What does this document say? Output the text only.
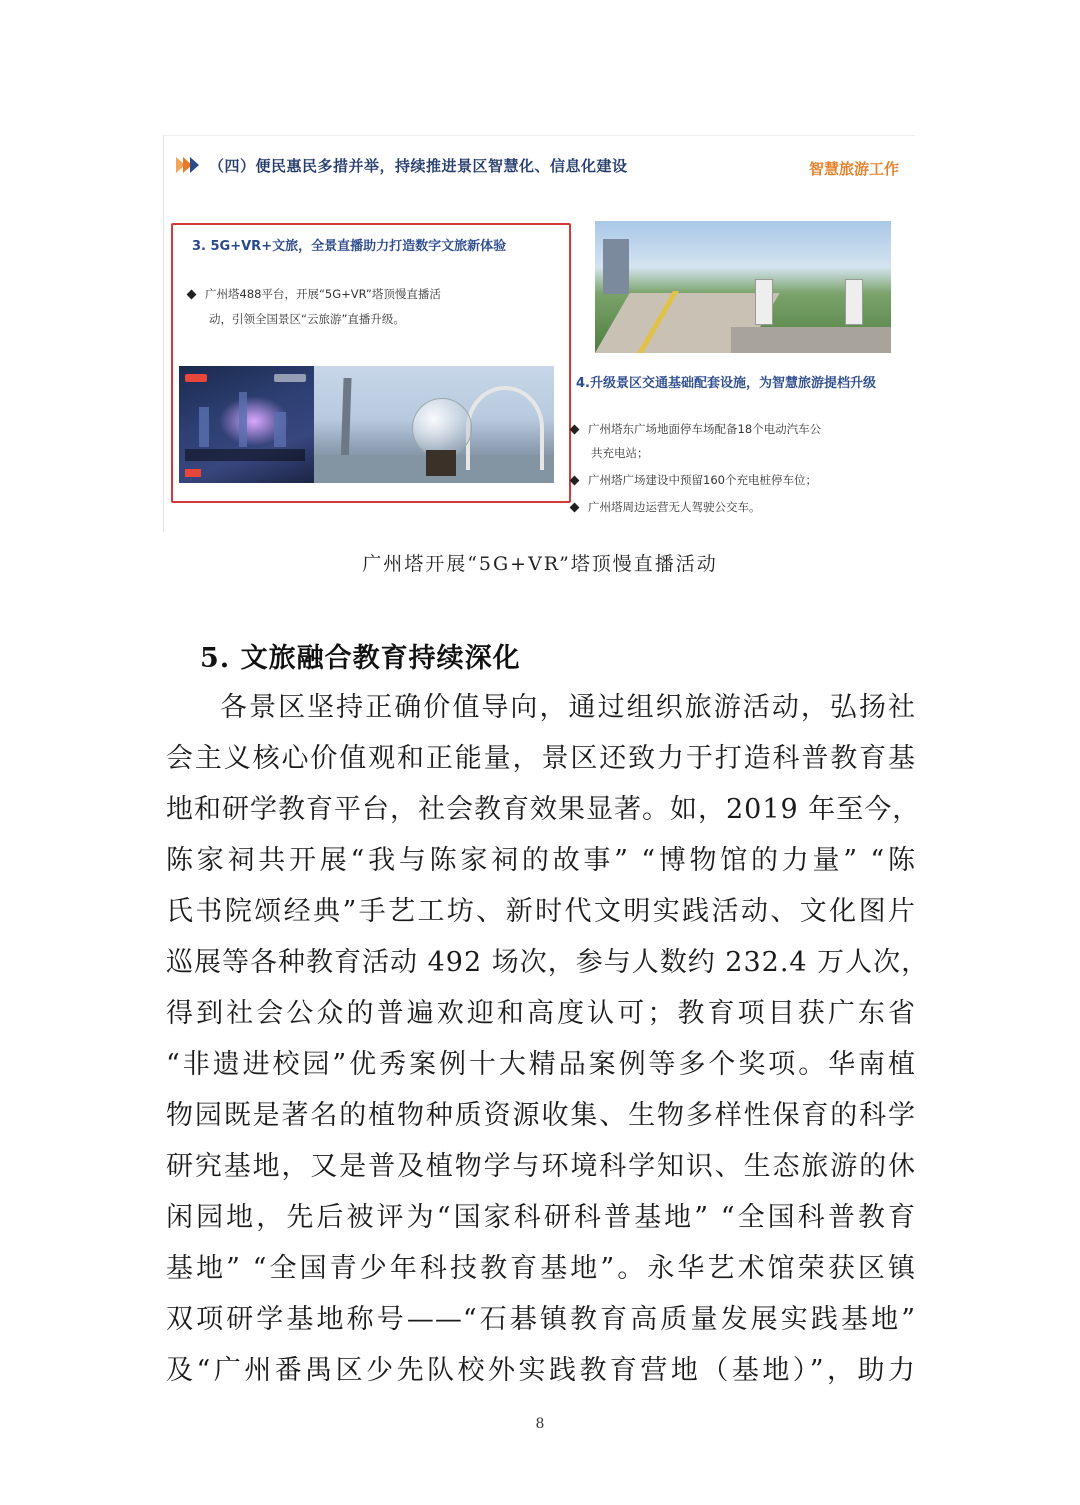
（四）便民惠民多措并举，持续推进景区智慧化、信息化建设	智慧旅游工作
3. 5G+VR+文旅，全景直播助力打造数字文旅新体验
广州塔488平台，开展“5G+VR”塔顶慢直播活
动，引领全国景区“云旅游”直播升级。
4.升级景区交通基础配套设施，为智慧旅游提档升级
广州塔东广场地面停车场配备18个电动汽车公
共充电站；
广州塔广场建设中预留160个充电桩停车位；
广州塔周边运营无人驾驶公交车。
广州塔开展“5G+VR”塔顶慢直播活动
5. 文旅融合教育持续深化
各景区坚持正确价值导向，通过组织旅游活动，弘扬社
会主义核心价值观和正能量，景区还致力于打造科普教育基
地和研学教育平台，社会教育效果显著。如，2019 年至今，
陈家祠共开展“我与陈家祠的故事” “博物馆的力量” “陈
氏书院颂经典”手艺工坊、新时代文明实践活动、文化图片
巡展等各种教育活动 492 场次，参与人数约 232.4 万人次，
得到社会公众的普遍欢迎和高度认可；教育项目获广东省
“非遗进校园”优秀案例十大精品案例等多个奖项。华南植
物园既是著名的植物种质资源收集、生物多样性保育的科学
研究基地，又是普及植物学与环境科学知识、生态旅游的休
闲园地，先后被评为“国家科研科普基地” “全国科普教育
基地” “全国青少年科技教育基地”。永华艺术馆荣获区镇
双项研学基地称号——“石碁镇教育高质量发展实践基地”
及“广州番禺区少先队校外实践教育营地（基地）”，助力
8
